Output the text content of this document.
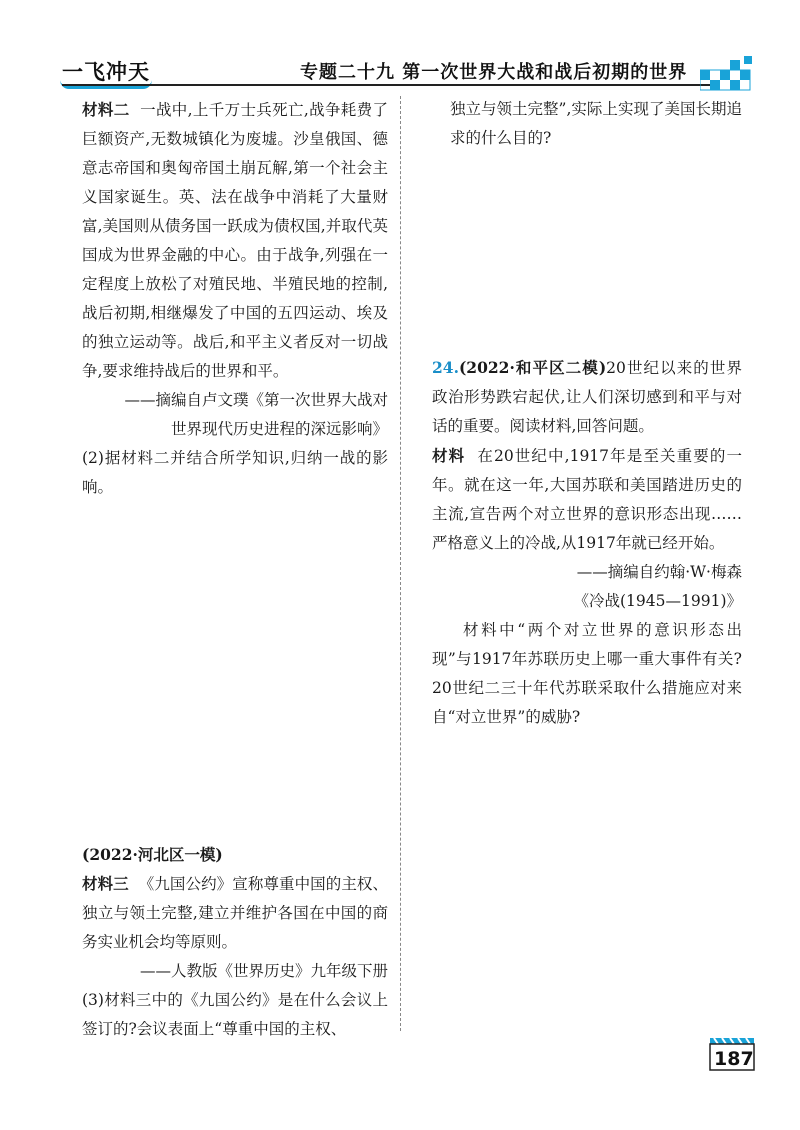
一飞冲天	专题二十九 第一次世界大战和战后初期的世界

材料二 一战中,上千万士兵死亡,战争耗费了巨额资产,无数城镇化为废墟。沙皇俄国、德意志帝国和奥匈帝国土崩瓦解,第一个社会主义国家诞生。英、法在战争中消耗了大量财富,美国则从债务国一跃成为债权国,并取代英国成为世界金融的中心。由于战争,列强在一定程度上放松了对殖民地、半殖民地的控制,战后初期,相继爆发了中国的五四运动、埃及的独立运动等。战后,和平主义者反对一切战争,要求维持战后的世界和平。

——摘编自卢文璞《第一次世界大战对

世界现代历史进程的深远影响》

(2)据材料二并结合所学知识,归纳一战的影响。

(2022·河北区一模)

材料三 《九国公约》宣称尊重中国的主权、独立与领土完整,建立并维护各国在中国的商务实业机会均等原则。

——人教版《世界历史》九年级下册

(3)材料三中的《九国公约》是在什么会议上签订的?会议表面上“尊重中国的主权、

独立与领土完整”,实际上实现了美国长期追求的什么目的?

24.(2022·和平区二模)20世纪以来的世界政治形势跌宕起伏,让人们深切感到和平与对话的重要。阅读材料,回答问题。

材料 在20世纪中,1917年是至关重要的一年。就在这一年,大国苏联和美国踏进历史的主流,宣告两个对立世界的意识形态出现……严格意义上的冷战,从1917年就已经开始。

——摘编自约翰·W·梅森

《冷战(1945—1991)》

材料中“两个对立世界的意识形态出现”与1917年苏联历史上哪一重大事件有关?20世纪二三十年代苏联采取什么措施应对来自“对立世界”的威胁?

187
